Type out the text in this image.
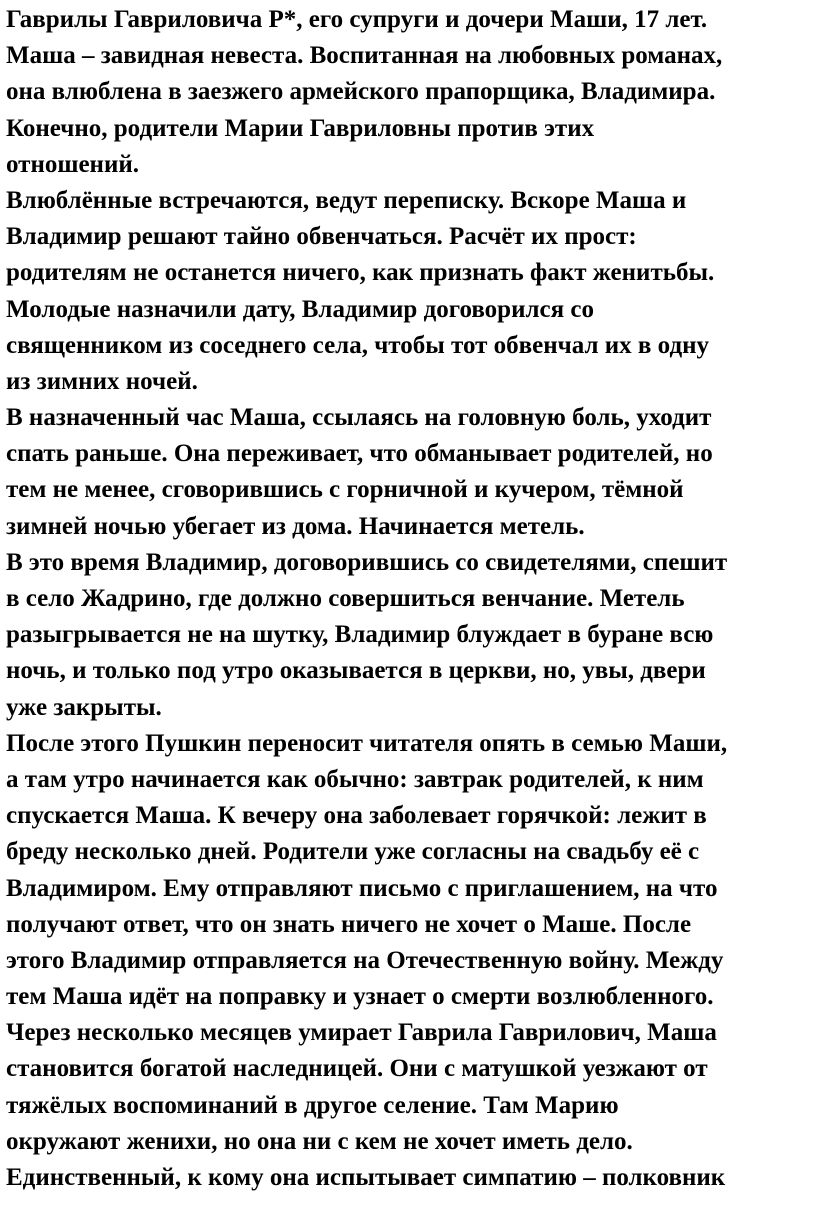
Гаврилы Гавриловича Р*, его супруги и дочери Маши, 17 лет.
Маша – завидная невеста. Воспитанная на любовных романах,
она влюблена в заезжего армейского прапорщика, Владимира.
Конечно, родители Марии Гавриловны против этих
отношений.
Влюблённые встречаются, ведут переписку. Вскоре Маша и
Владимир решают тайно обвенчаться. Расчёт их прост:
родителям не останется ничего, как признать факт женитьбы.
Молодые назначили дату, Владимир договорился со
священником из соседнего села, чтобы тот обвенчал их в одну
из зимних ночей.
В назначенный час Маша, ссылаясь на головную боль, уходит
спать раньше. Она переживает, что обманывает родителей, но
тем не менее, сговорившись с горничной и кучером, тёмной
зимней ночью убегает из дома. Начинается метель.
В это время Владимир, договорившись со свидетелями, спешит
в село Жадрино, где должно совершиться венчание. Метель
разыгрывается не на шутку, Владимир блуждает в буране всю
ночь, и только под утро оказывается в церкви, но, увы, двери
уже закрыты.
После этого Пушкин переносит читателя опять в семью Маши,
а там утро начинается как обычно: завтрак родителей, к ним
спускается Маша. К вечеру она заболевает горячкой: лежит в
бреду несколько дней. Родители уже согласны на свадьбу её с
Владимиром. Ему отправляют письмо с приглашением, на что
получают ответ, что он знать ничего не хочет о Маше. После
этого Владимир отправляется на Отечественную войну. Между
тем Маша идёт на поправку и узнает о смерти возлюбленного.
Через несколько месяцев умирает Гаврила Гаврилович, Маша
становится богатой наследницей. Они с матушкой уезжают от
тяжёлых воспоминаний в другое селение. Там Марию
окружают женихи, но она ни с кем не хочет иметь дело.
Единственный, к кому она испытывает симпатию – полковник
